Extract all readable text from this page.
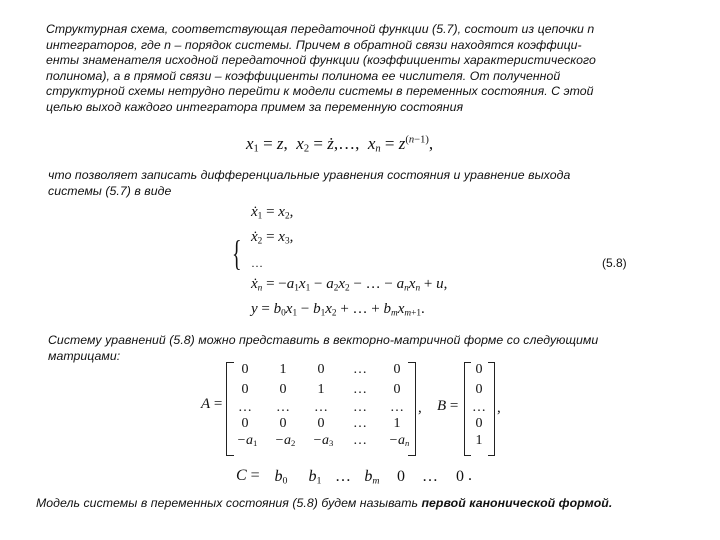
Структурная схема, соответствующая передаточной функции (5.7), состоит из цепочки n
интеграторов, где n – порядок системы. Причем в обратной связи находятся коэффици-
енты знаменателя исходной передаточной функции (коэффициенты характеристического
полинома), а в прямой связи – коэффициенты полинома ее числителя. От полученной
структурной схемы нетрудно перейти к модели системы в переменных состояния. С этой
целью выход каждого интегратора примем за переменную состояния
$x_1 = z$,  $x_2$ = ż,…,  $x_n = z^{(n-1)}$,
что позволяет записать дифференциальные уравнения состояния и уравнение выхода
системы (5.7) в виде
{
ẋ$_1$ = $x_2$,
ẋ$_2$ = $x_3$,
…
ẋ$_n$ = $-a_1x_1 - a_2x_2$ − … − $a_nx_n + u$,
$y = b_0x_1 - b_1x_2$ + … + $b_mx_{m+1}$.
(5.8)
Систему уравнений (5.8) можно представить в векторно-матричной форме со следующими
матрицами:
A =
0	1	0	…	0
0	0	1	…	0
…	…	…	…	…
0	0	0	…	1
$-a_1$	$-a_2$	$-a_3$	…	$-a_n$
, B =
0
0
…
0
1
,
$C = b_0$	$b_1$ … $b_m$	0	…	0 .
Модель системы в переменных состояния (5.8) будем называть первой канонической формой.
